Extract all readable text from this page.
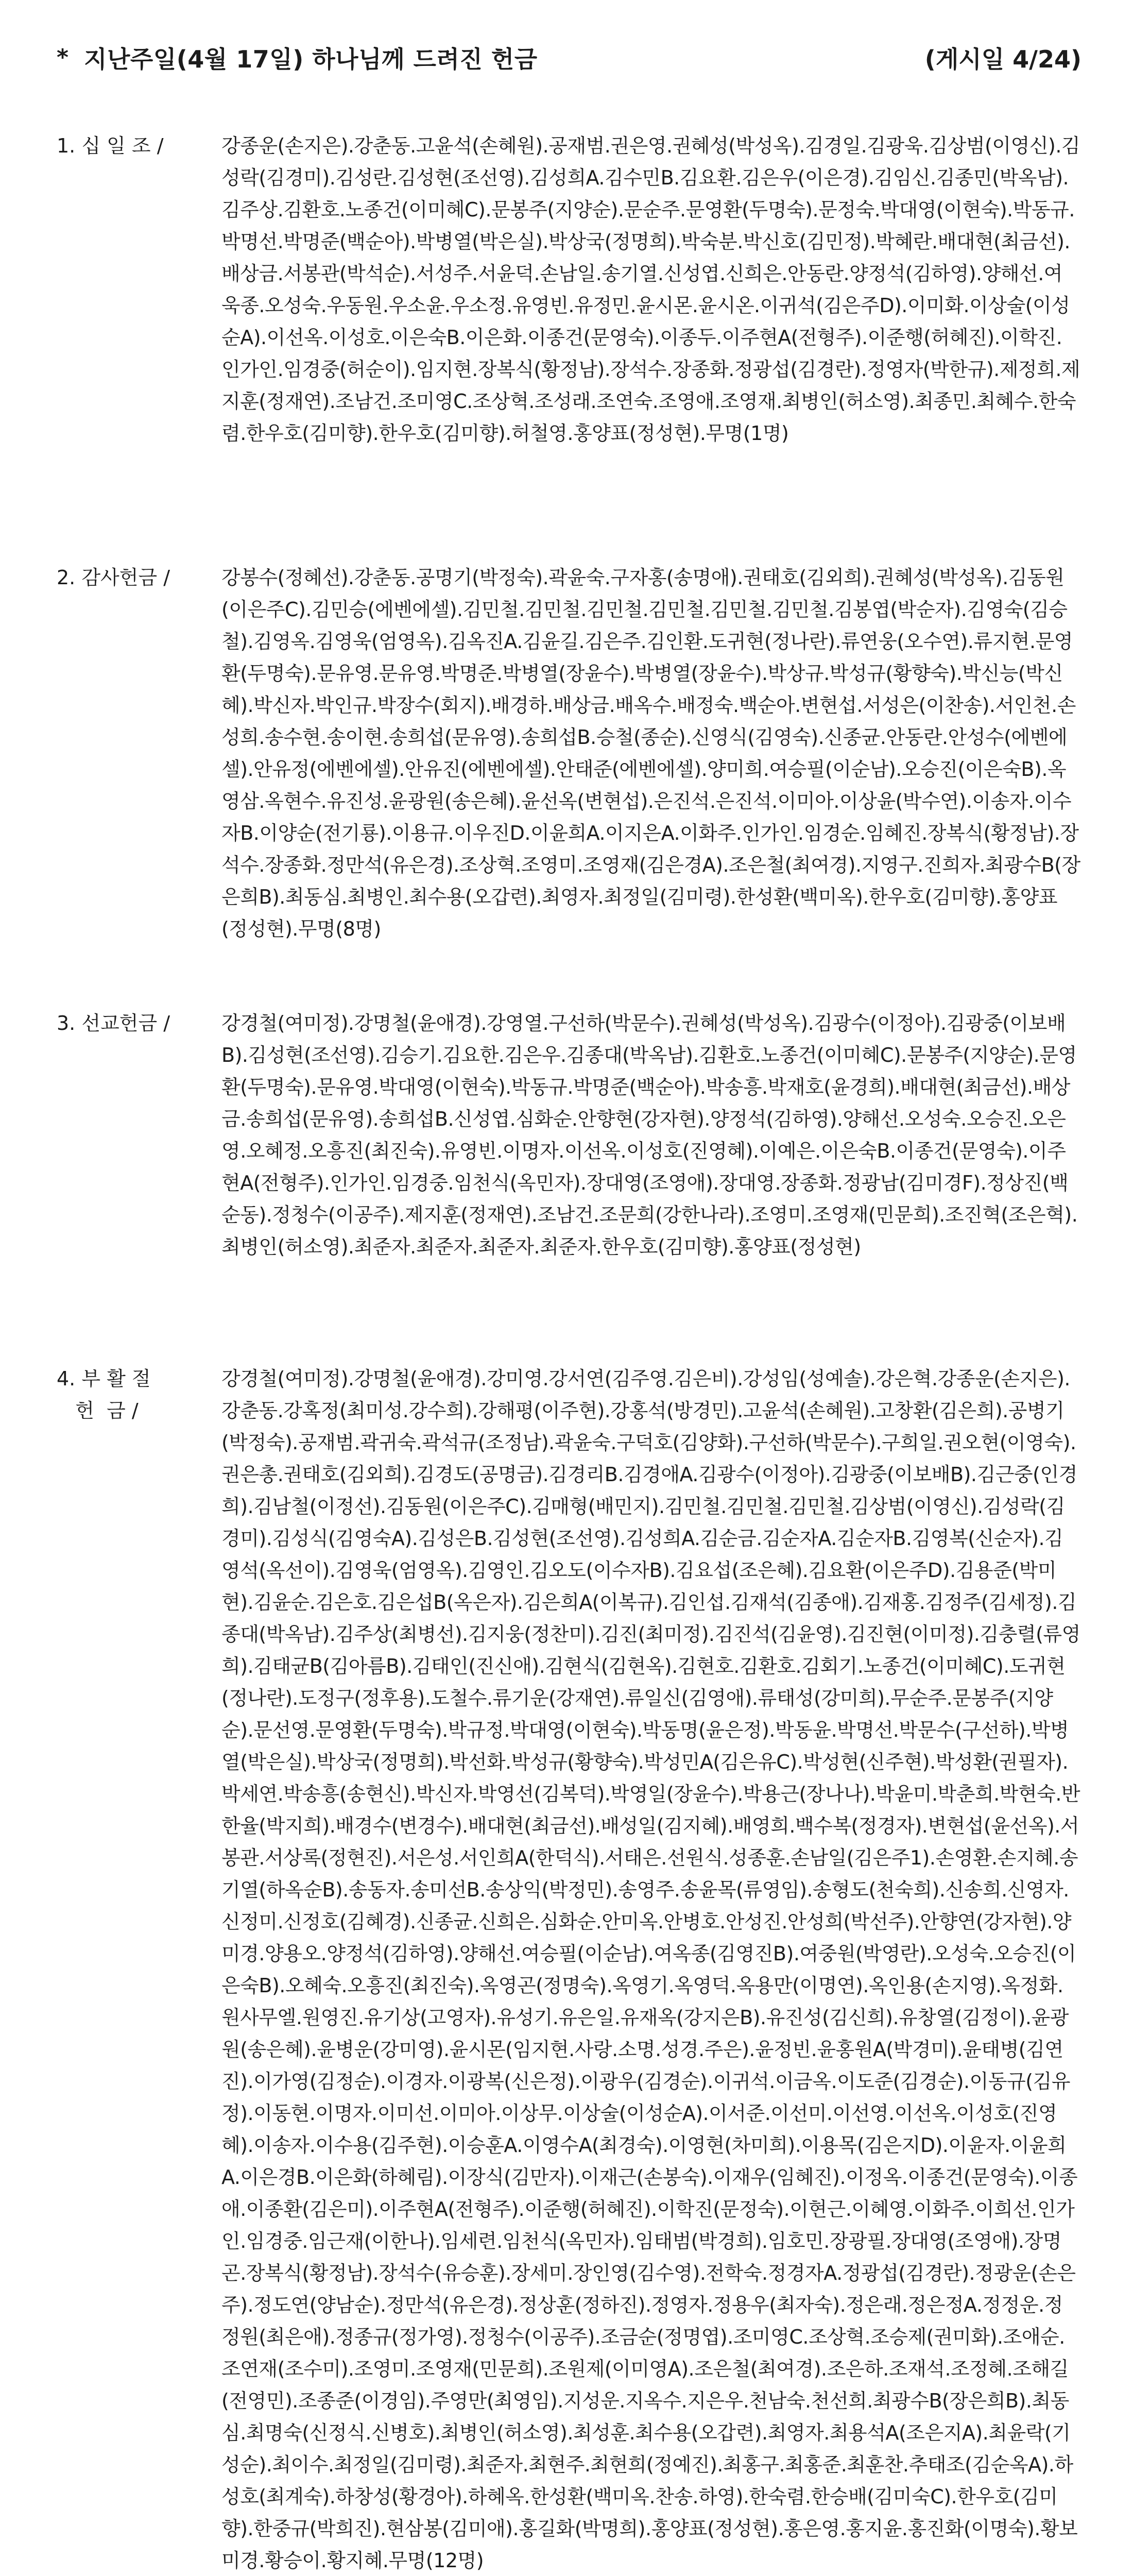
* 지난주일(4월 17일) 하나님께 드려진 헌금	(게시일 4/24)
1. 십 일 조 /	강종운(손지은).강춘동.고윤석(손혜원).공재범.권은영.권혜성(박성옥).김경일.김광욱.김상범(이영신).김성락(김경미).김성란.김성현(조선영).김성희A.김수민B.김요환.김은우(이은경).김임신.김종민(박옥남).김주상.김환호.노종건(이미혜C).문봉주(지양순).문순주.문영환(두명숙).문정숙.박대영(이현숙).박동규.박명선.박명준(백순아).박병열(박은실).박상국(정명희).박숙분.박신호(김민정).박혜란.배대현(최금선).배상금.서봉관(박석순).서성주.서윤덕.손남일.송기열.신성엽.신희은.안동란.양정석(김하영).양해선.여욱종.오성숙.우동원.우소윤.우소정.유영빈.유정민.윤시몬.윤시온.이귀석(김은주D).이미화.이상술(이성순A).이선옥.이성호.이은숙B.이은화.이종건(문영숙).이종두.이주현A(전형주).이준행(허혜진).이학진.인가인.임경중(허순이).임지현.장복식(황정남).장석수.장종화.정광섭(김경란).정영자(박한규).제정희.제지훈(정재연).조남건.조미영C.조상혁.조성래.조연숙.조영애.조영재.최병인(허소영).최종민.최혜수.한숙렴.한우호(김미향).한우호(김미향).허철영.홍양표(정성현).무명(1명)
2. 감사헌금 /	강봉수(정혜선).강춘동.공명기(박정숙).곽윤숙.구자홍(송명애).권태호(김외희).권혜성(박성옥).김동원(이은주C).김민승(에벤에셀).김민철.김민철.김민철.김민철.김민철.김민철.김봉엽(박순자).김영숙(김승철).김영옥.김영욱(엄영옥).김옥진A.김윤길.김은주.김인환.도귀현(정나란).류연웅(오수연).류지현.문영환(두명숙).문유영.문유영.박명준.박병열(장윤수).박병열(장윤수).박상규.박성규(황향숙).박신능(박신혜).박신자.박인규.박장수(회지).배경하.배상금.배옥수.배정숙.백순아.변현섭.서성은(이찬송).서인천.손성희.송수현.송이현.송희섭(문유영).송희섭B.승철(종순).신영식(김영숙).신종균.안동란.안성수(에벤에셀).안유정(에벤에셀).안유진(에벤에셀).안태준(에벤에셀).양미희.여승필(이순남).오승진(이은숙B).옥영삼.옥현수.유진성.윤광원(송은혜).윤선옥(변현섭).은진석.은진석.이미아.이상윤(박수연).이송자.이수자B.이양순(전기룡).이용규.이우진D.이윤희A.이지은A.이화주.인가인.임경순.임혜진.장복식(황정남).장석수.장종화.정만석(유은경).조상혁.조영미.조영재(김은경A).조은철(최여경).지영구.진희자.최광수B(장은희B).최동심.최병인.최수용(오갑련).최영자.최정일(김미령).한성환(백미옥).한우호(김미향).홍양표(정성현).무명(8명)
3. 선교헌금 /	강경철(여미정).강명철(윤애경).강영열.구선하(박문수).권혜성(박성옥).김광수(이정아).김광중(이보배B).김성현(조선영).김승기.김요한.김은우.김종대(박옥남).김환호.노종건(이미혜C).문봉주(지양순).문영환(두명숙).문유영.박대영(이현숙).박동규.박명준(백순아).박송흥.박재호(윤경희).배대현(최금선).배상금.송희섭(문유영).송희섭B.신성엽.심화순.안향현(강자현).양정석(김하영).양해선.오성숙.오승진.오은영.오혜정.오흥진(최진숙).유영빈.이명자.이선옥.이성호(진영혜).이예은.이은숙B.이종건(문영숙).이주현A(전형주).인가인.임경중.임천식(옥민자).장대영(조영애).장대영.장종화.정광남(김미경F).정상진(백순동).정청수(이공주).제지훈(정재연).조남건.조문희(강한나라).조영미.조영재(민문희).조진혁(조은혁).최병인(허소영).최준자.최준자.최준자.최준자.한우호(김미향).홍양표(정성현)
4. 부 활 절
헌  금 /
강경철(여미정).강명철(윤애경).강미영.강서연(김주영.김은비).강성임(성예솔).강은혁.강종운(손지은).강춘동.강혹정(최미성.강수희).강해평(이주현).강홍석(방경민).고윤석(손혜원).고창환(김은희).공병기(박정숙).공재범.곽귀숙.곽석규(조정남).곽윤숙.구덕호(김양화).구선하(박문수).구희일.권오현(이영숙).권은총.권태호(김외희).김경도(공명금).김경리B.김경애A.김광수(이정아).김광중(이보배B).김근중(인경희).김남철(이정선).김동원(이은주C).김매형(배민지).김민철.김민철.김민철.김상범(이영신).김성락(김경미).김성식(김영숙A).김성은B.김성현(조선영).김성희A.김순금.김순자A.김순자B.김영복(신순자).김영석(옥선이).김영욱(엄영옥).김영인.김오도(이수자B).김요섭(조은혜).김요환(이은주D).김용준(박미현).김윤순.김은호.김은섭B(옥은자).김은희A(이복규).김인섭.김재석(김종애).김재홍.김정주(김세정).김종대(박옥남).김주상(최병선).김지웅(정찬미).김진(최미정).김진석(김윤영).김진현(이미정).김충렬(류영희).김태균B(김아름B).김태인(진신애).김현식(김현옥).김현호.김환호.김회기.노종건(이미혜C).도귀현(정나란).도정구(정후용).도철수.류기운(강재연).류일신(김영애).류태성(강미희).무순주.문봉주(지양순).문선영.문영환(두명숙).박규정.박대영(이현숙).박동명(윤은정).박동윤.박명선.박문수(구선하).박병열(박은실).박상국(정명희).박선화.박성규(황향숙).박성민A(김은유C).박성현(신주현).박성환(권필자).박세연.박송흥(송현신).박신자.박영선(김복덕).박영일(장윤수).박용근(장나나).박윤미.박춘희.박현숙.반한율(박지희).배경수(변경수).배대현(최금선).배성일(김지혜).배영희.백수복(정경자).변현섭(윤선옥).서봉관.서상록(정현진).서은성.서인희A(한덕식).서태은.선원식.성종훈.손남일(김은주1).손영환.손지혜.송기열(하옥순B).송동자.송미선B.송상익(박정민).송영주.송윤목(류영임).송형도(천숙희).신송희.신영자.신정미.신정호(김혜경).신종균.신희은.심화순.안미옥.안병호.안성진.안성희(박선주).안향연(강자현).양미경.양용오.양정석(김하영).양해선.여승필(이순남).여옥종(김영진B).여중원(박영란).오성숙.오승진(이은숙B).오혜숙.오흥진(최진숙).옥영곤(정명숙).옥영기.옥영덕.옥용만(이명연).옥인용(손지영).옥정화.원사무엘.원영진.유기상(고영자).유성기.유은일.유재옥(강지은B).유진성(김신희).유창열(김정이).윤광원(송은혜).윤병운(강미영).윤시몬(임지현.사랑.소명.성경.주은).윤정빈.윤홍원A(박경미).윤태병(김연진).이가영(김정순).이경자.이광복(신은정).이광우(김경순).이귀석.이금옥.이도준(김경순).이동규(김유정).이동현.이명자.이미선.이미아.이상무.이상술(이성순A).이서준.이선미.이선영.이선옥.이성호(진영혜).이송자.이수용(김주현).이승훈A.이영수A(최경숙).이영현(차미희).이용목(김은지D).이윤자.이윤희A.이은경B.이은화(하혜림).이장식(김만자).이재근(손봉숙).이재우(임혜진).이정옥.이종건(문영숙).이종애.이종환(김은미).이주현A(전형주).이준행(허혜진).이학진(문정숙).이현근.이혜영.이화주.이희선.인가인.임경중.임근재(이한나).임세련.임천식(옥민자).임태범(박경희).임호민.장광필.장대영(조영애).장명곤.장복식(황정남).장석수(유승훈).장세미.장인영(김수영).전학숙.정경자A.정광섭(김경란).정광운(손은주).정도연(양남순).정만석(유은경).정상훈(정하진).정영자.정용우(최자숙).정은래.정은정A.정정운.정정원(최은애).정종규(정가영).정청수(이공주).조금순(정명엽).조미영C.조상혁.조승제(권미화).조애순.조연재(조수미).조영미.조영재(민문희).조원제(이미영A).조은철(최여경).조은하.조재석.조정혜.조해길(전영민).조종준(이경임).주영만(최영임).지성운.지옥수.지은우.천남숙.천선희.최광수B(장은희B).최동심.최명숙(신정식.신병호).최병인(허소영).최성훈.최수용(오갑련).최영자.최용석A(조은지A).최윤락(기성순).최이수.최정일(김미령).최준자.최현주.최현희(정예진).최홍구.최홍준.최훈찬.추태조(김순옥A).하성호(최계숙).하창성(황경아).하혜옥.한성환(백미옥.찬송.하영).한숙렴.한승배(김미숙C).한우호(김미향).한중규(박희진).현삼봉(김미애).홍길화(박명희).홍양표(정성현).홍은영.홍지윤.홍진화(이명숙).황보미경.황승이.황지혜.무명(12명)
